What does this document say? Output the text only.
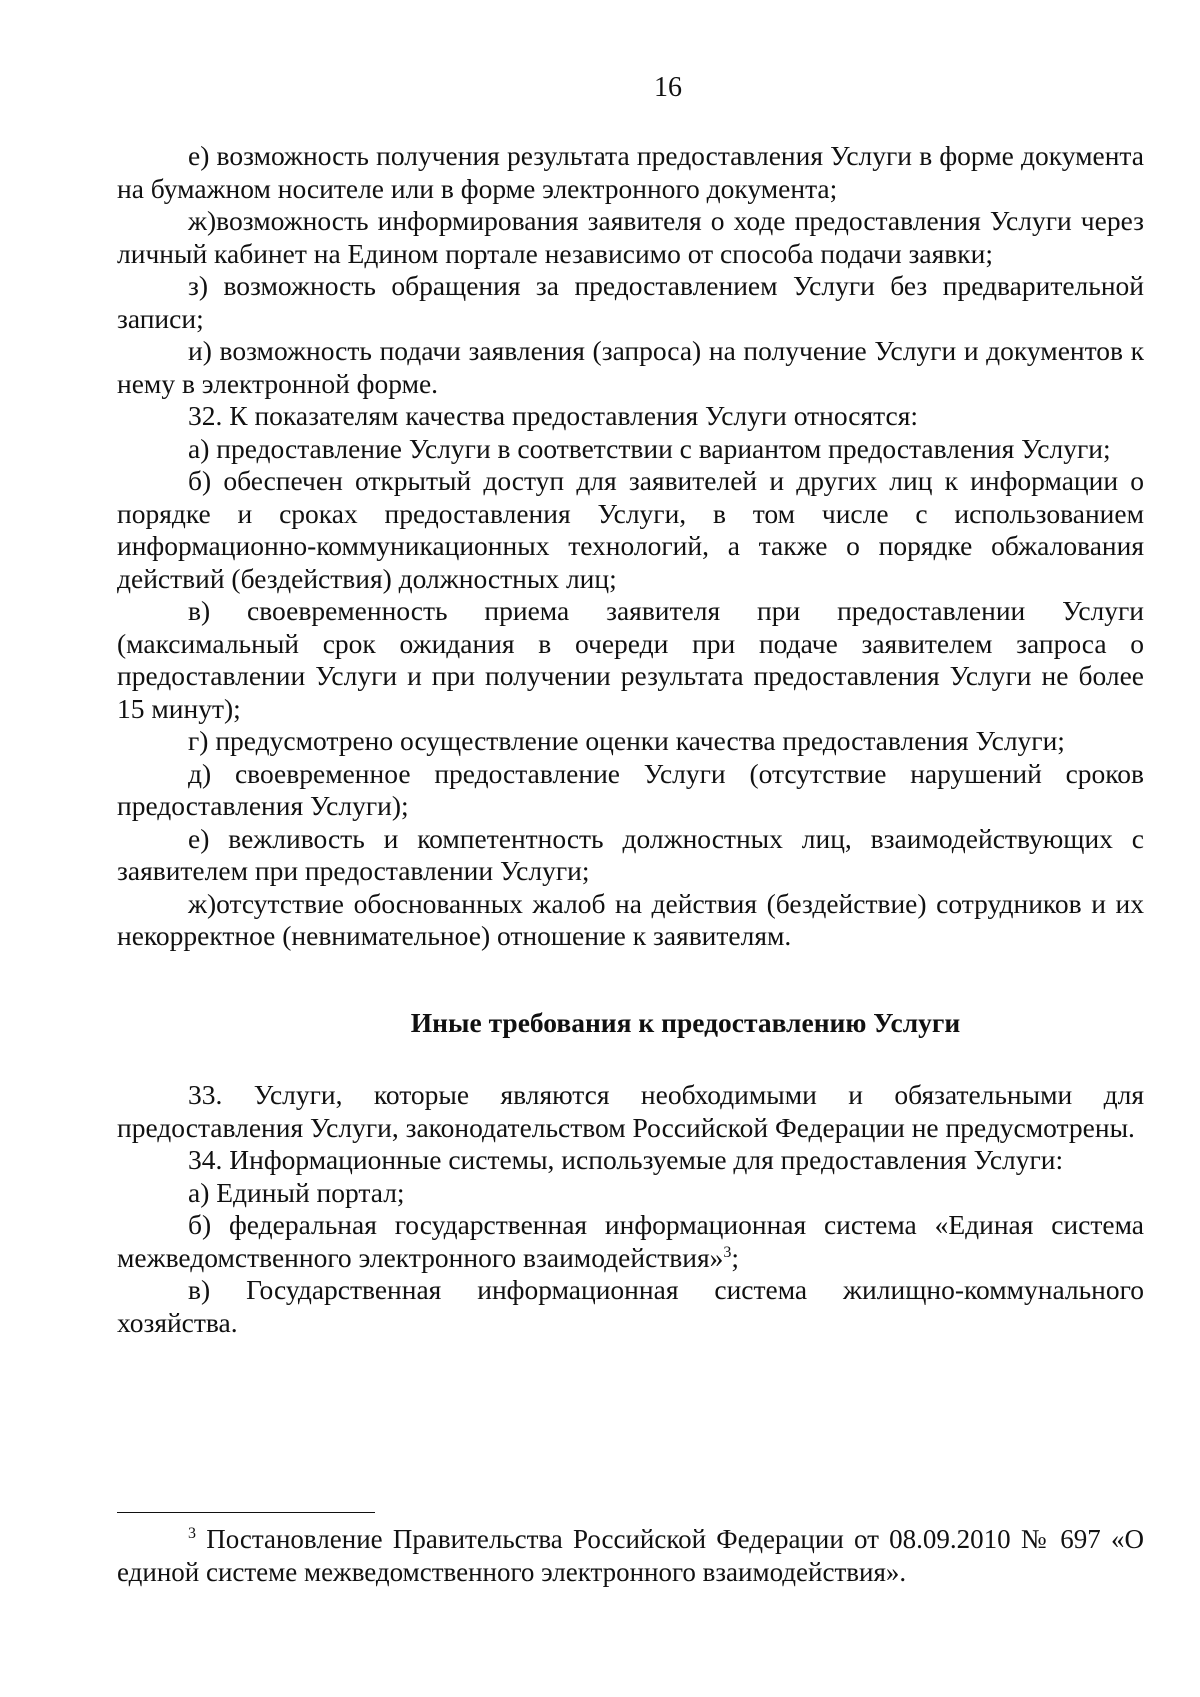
16

е) возможность получения результата предоставления Услуги в форме документа на бумажном носителе или в форме электронного документа;

ж)возможность информирования заявителя о ходе предоставления Услуги через личный кабинет на Едином портале независимо от способа подачи заявки;

з) возможность обращения за предоставлением Услуги без предварительной записи;

и) возможность подачи заявления (запроса) на получение Услуги и документов к нему в электронной форме.

32. К показателям качества предоставления Услуги относятся:

а) предоставление Услуги в соответствии с вариантом предоставления Услуги;

б) обеспечен открытый доступ для заявителей и других лиц к информации о порядке и сроках предоставления Услуги, в том числе с использованием информационно-коммуникационных технологий, а также о порядке обжалования действий (бездействия) должностных лиц;

в) своевременность приема заявителя при предоставлении Услуги (максимальный срок ожидания в очереди при подаче заявителем запроса о предоставлении Услуги и при получении результата предоставления Услуги не более 15 минут);

г) предусмотрено осуществление оценки качества предоставления Услуги;

д) своевременное предоставление Услуги (отсутствие нарушений сроков предоставления Услуги);

е) вежливость и компетентность должностных лиц, взаимодействующих с заявителем при предоставлении Услуги;

ж)отсутствие обоснованных жалоб на действия (бездействие) сотрудников и их некорректное (невнимательное) отношение к заявителям.

Иные требования к предоставлению Услуги

33. Услуги, которые являются необходимыми и обязательными для предоставления Услуги, законодательством Российской Федерации не предусмотрены.

34. Информационные системы, используемые для предоставления Услуги:

а) Единый портал;

б) федеральная государственная информационная система «Единая система межведомственного электронного взаимодействия»$^3$;

в) Государственная информационная система жилищно-коммунального хозяйства.

$^3$ Постановление Правительства Российской Федерации от 08.09.2010 № 697 «О единой системе межведомственного электронного взаимодействия».
